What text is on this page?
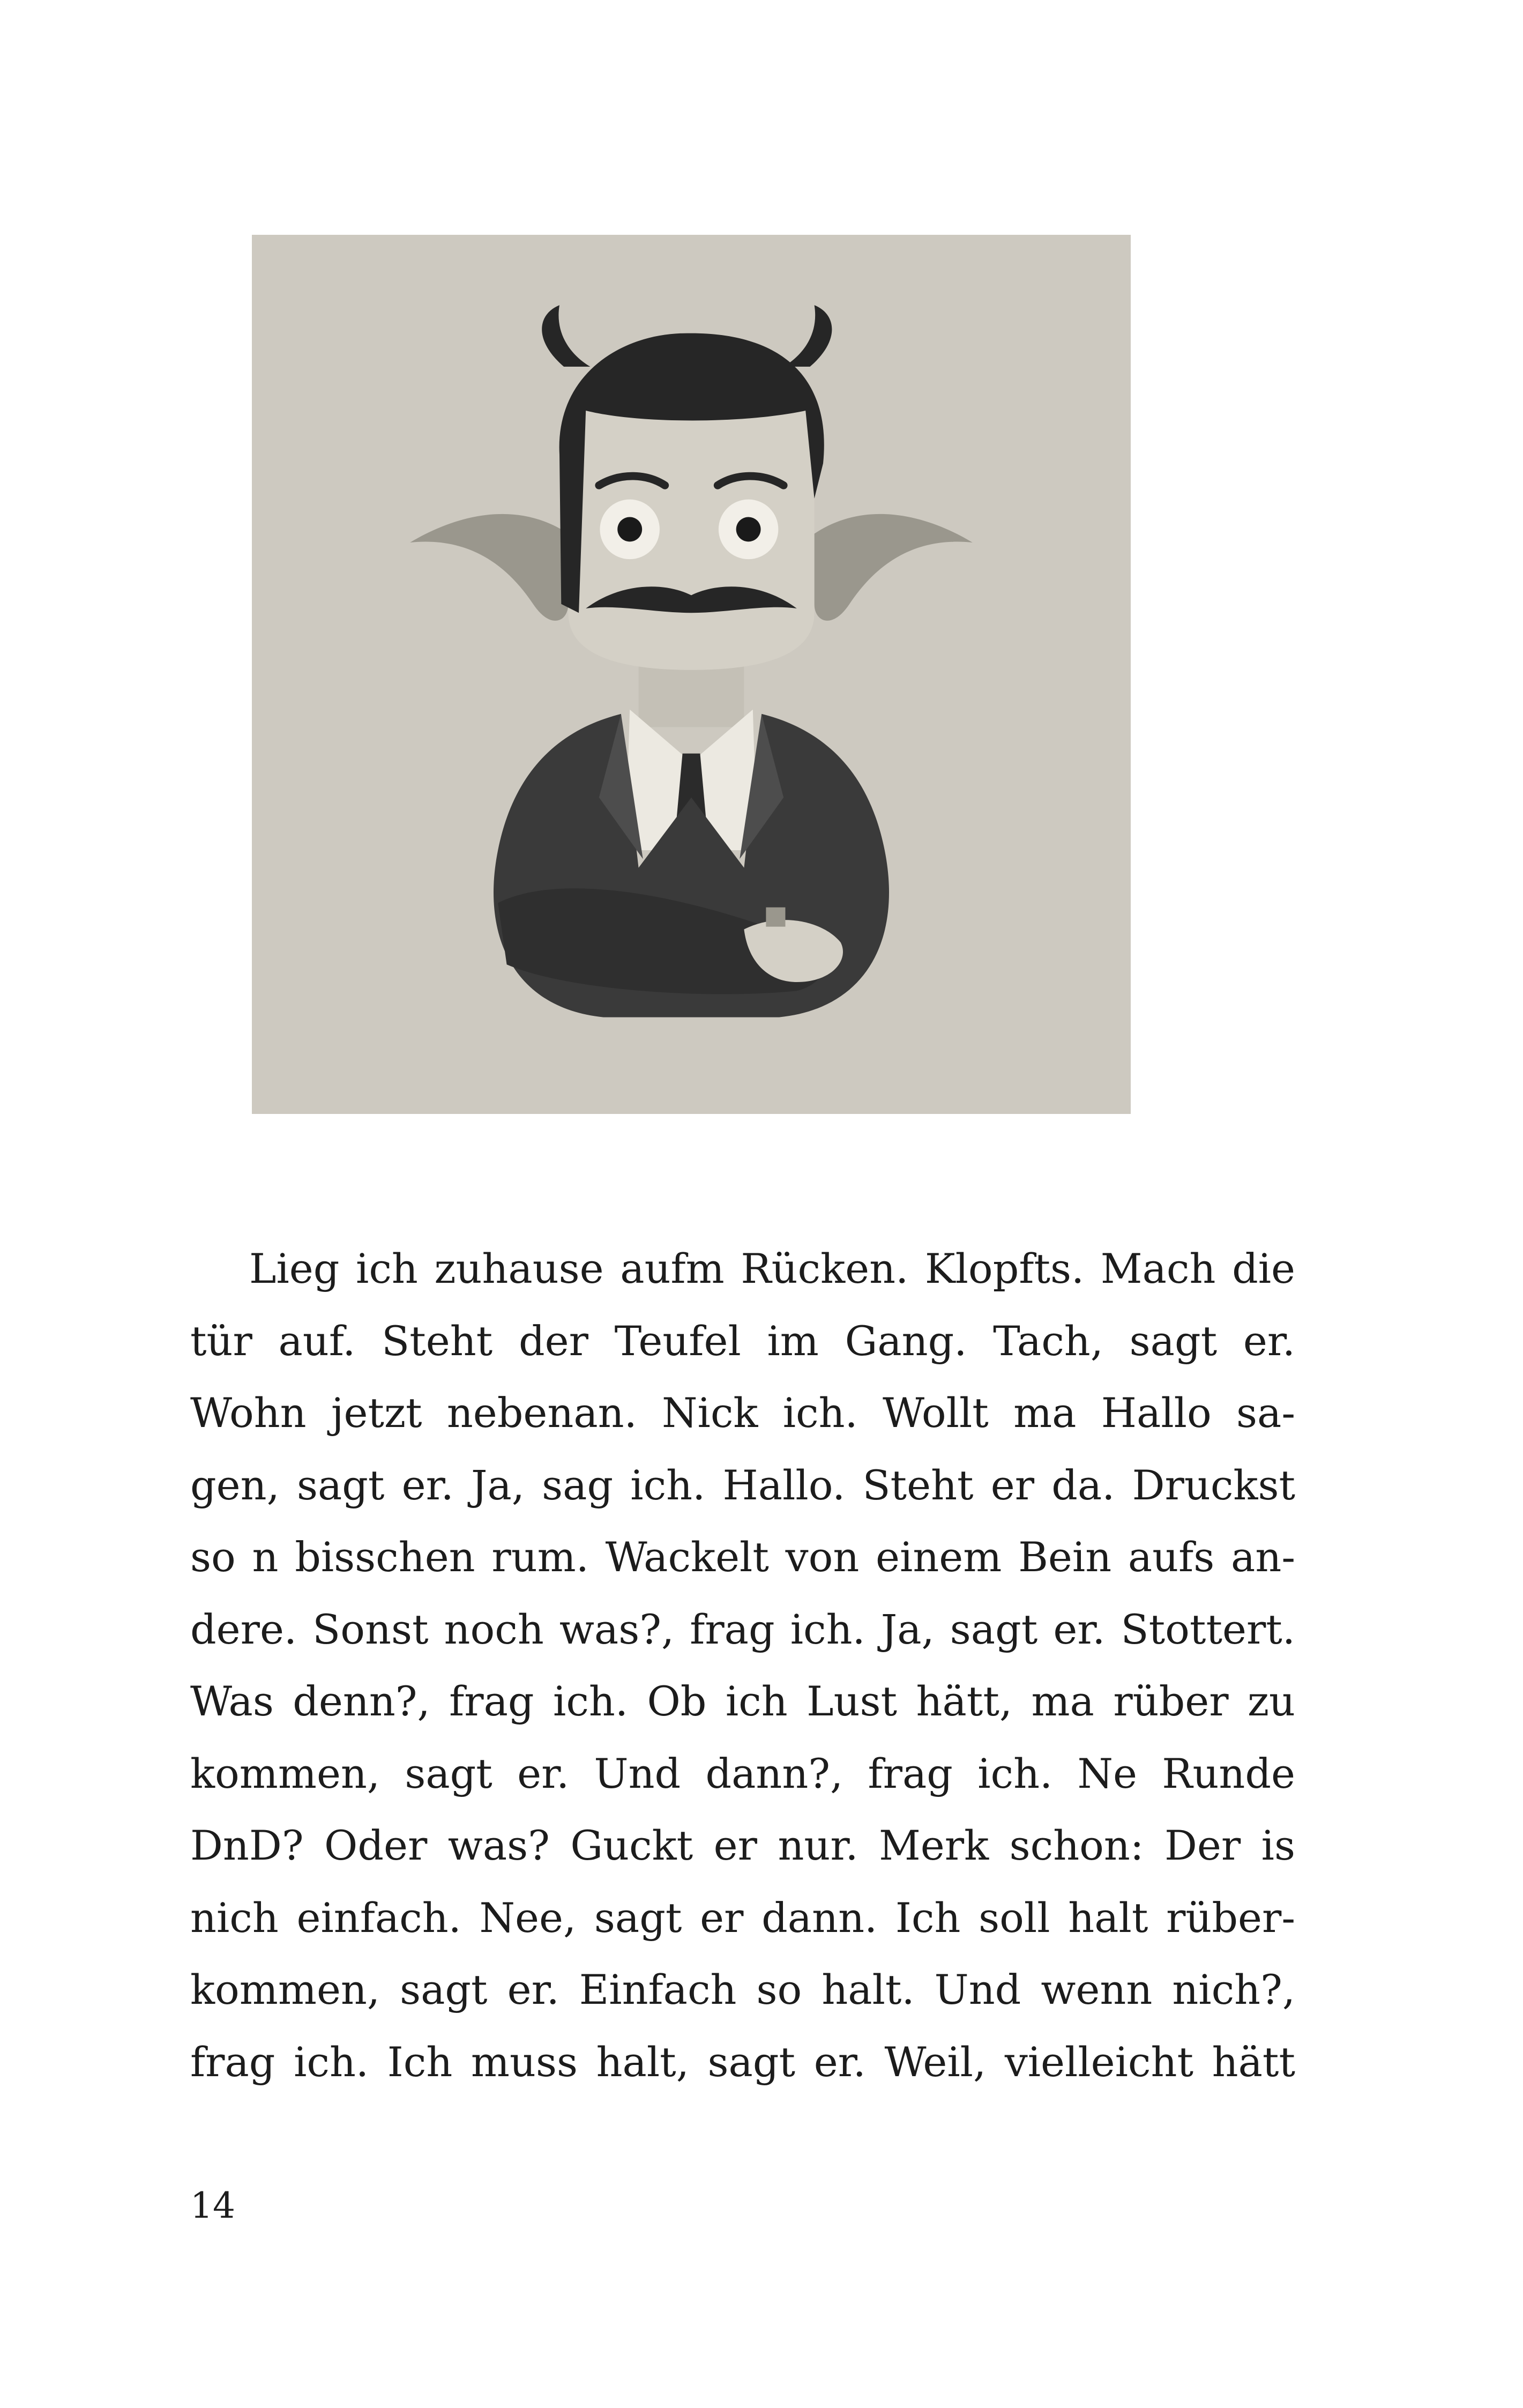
Lieg ich zuhause aufm Rücken. Klopfts. Mach die
tür auf. Steht der Teufel im Gang. Tach, sagt er.
Wohn jetzt nebenan. Nick ich. Wollt ma Hallo sa-
gen, sagt er. Ja, sag ich. Hallo. Steht er da. Druckst
so n bisschen rum. Wackelt von einem Bein aufs an-
dere. Sonst noch was?, frag ich. Ja, sagt er. Stottert.
Was denn?, frag ich. Ob ich Lust hätt, ma rüber zu
kommen, sagt er. Und dann?, frag ich. Ne Runde
DnD? Oder was? Guckt er nur. Merk schon: Der is
nich einfach. Nee, sagt er dann. Ich soll halt rüber-
kommen, sagt er. Einfach so halt. Und wenn nich?,
frag ich. Ich muss halt, sagt er. Weil, vielleicht hätt
14
